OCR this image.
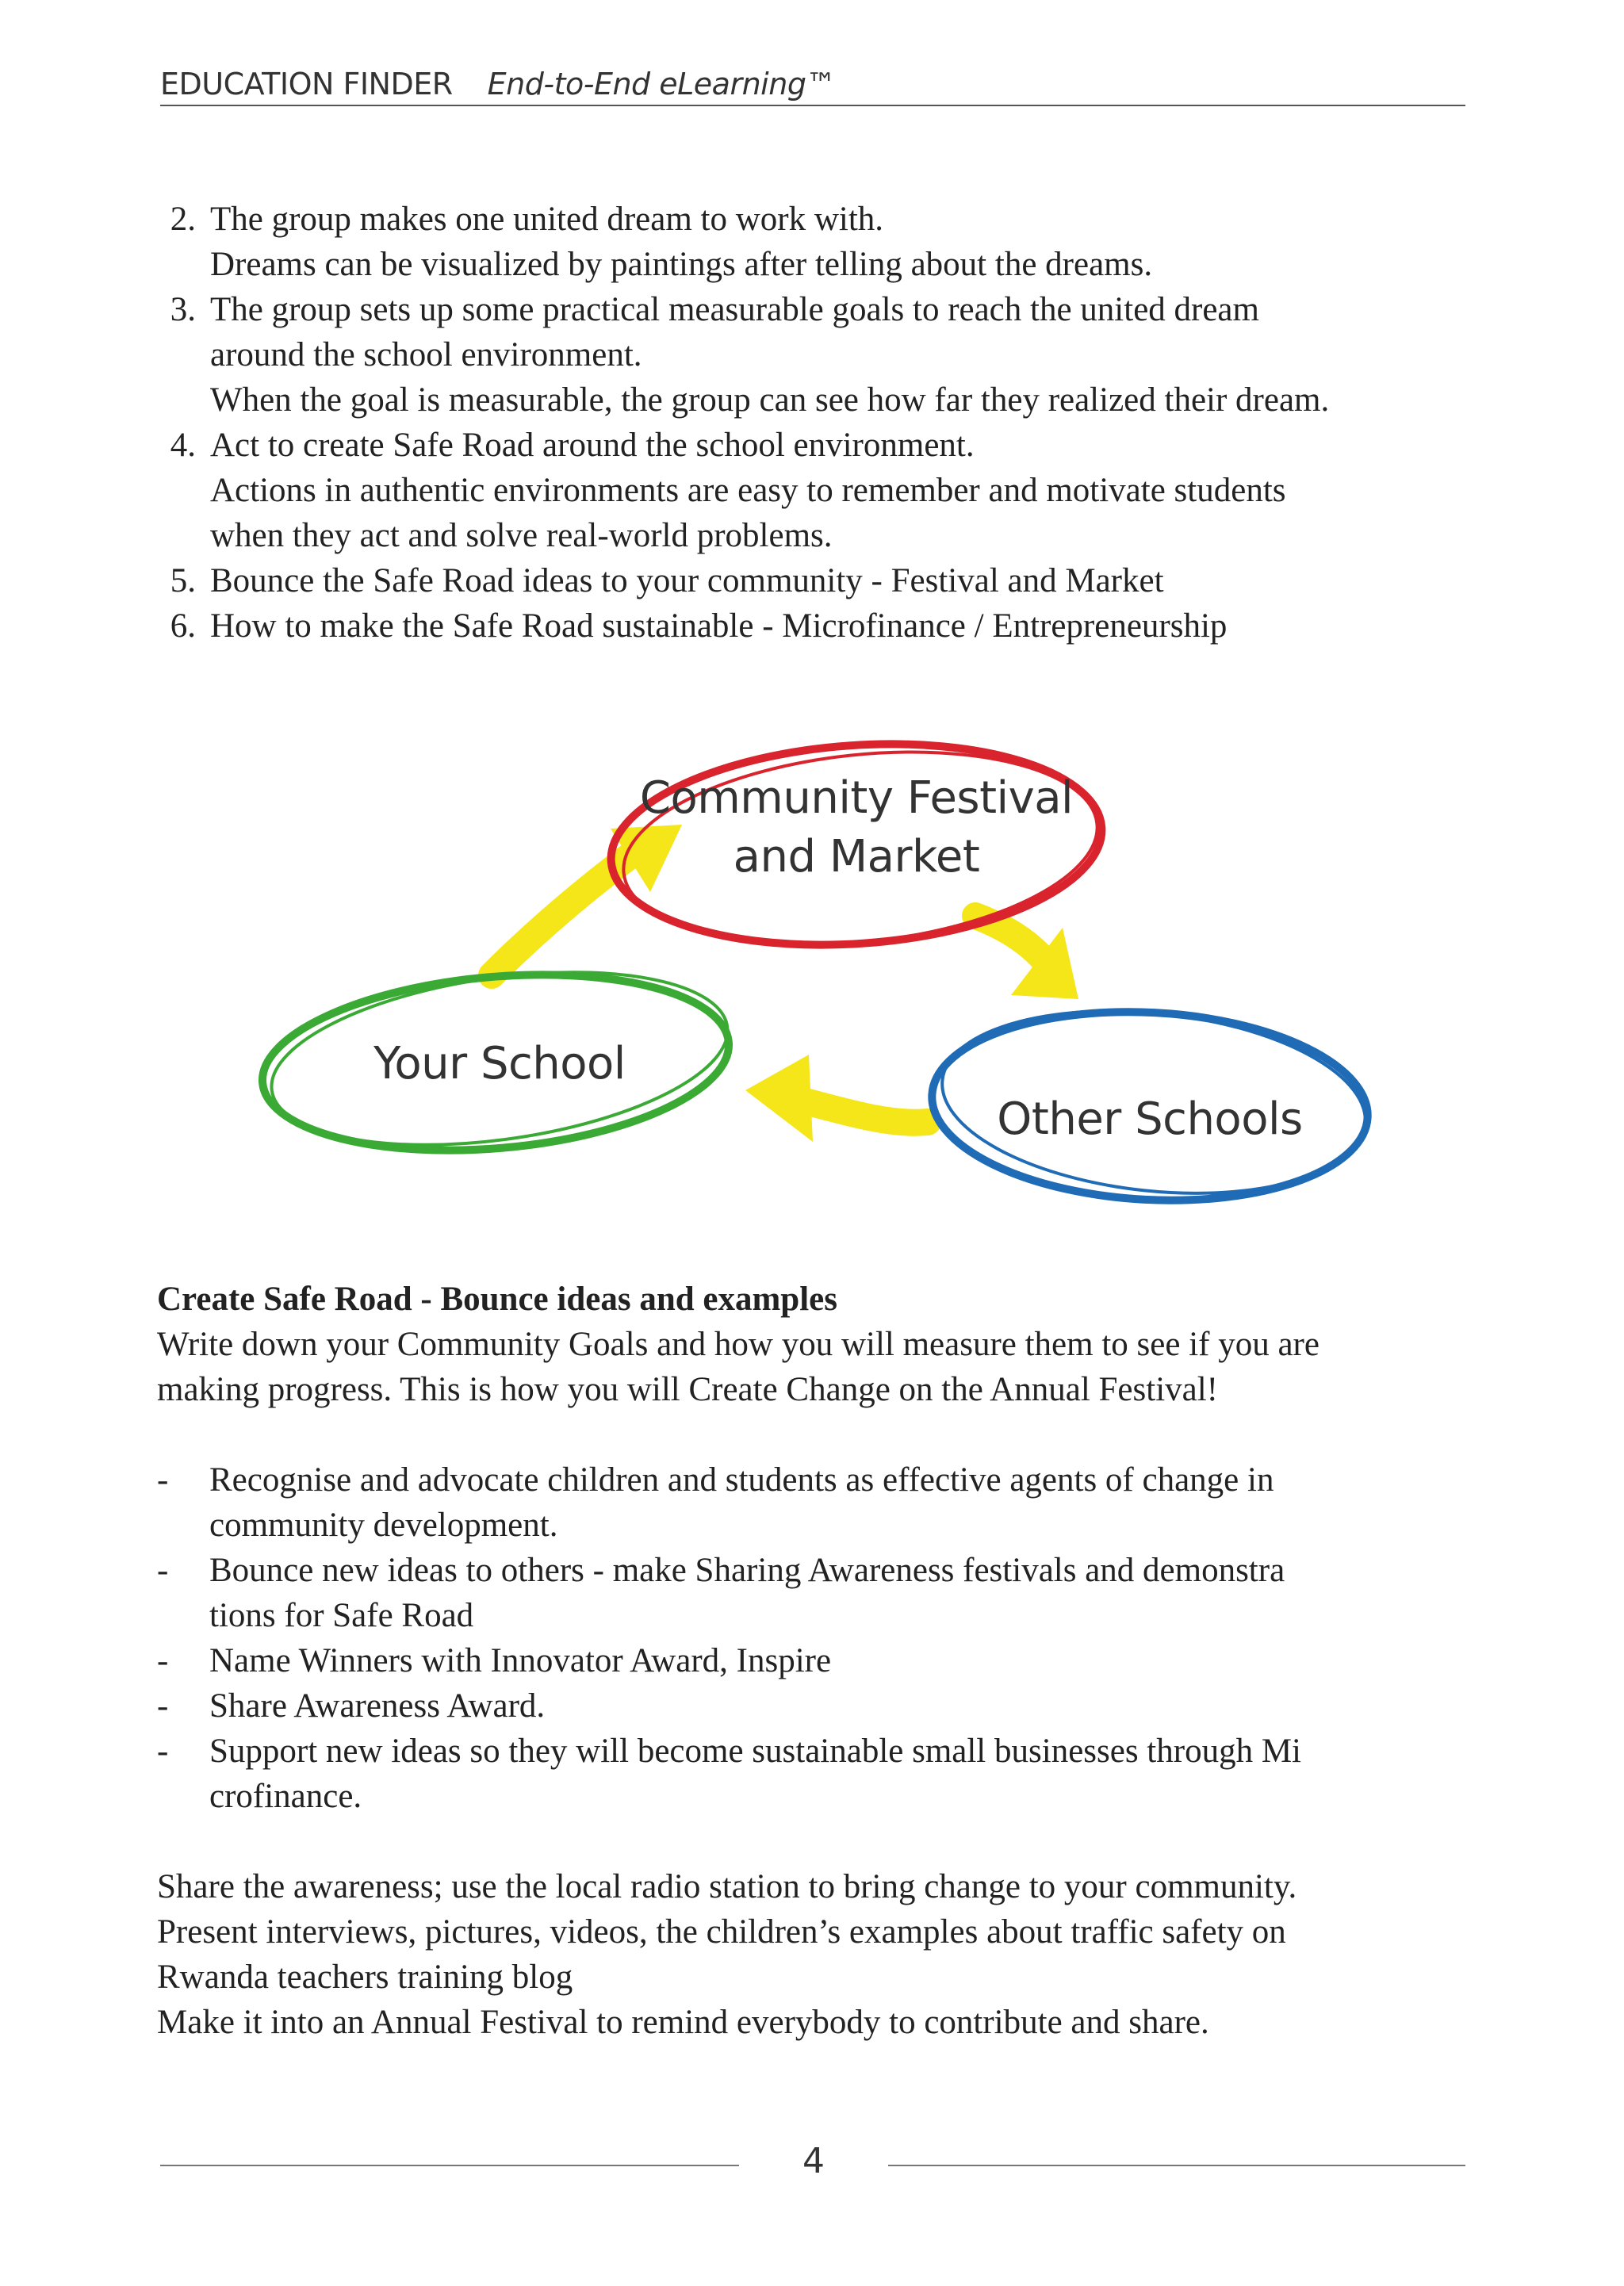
EDUCATION FINDER End-to-End eLearning™
2. The group makes one united dream to work with.
Dreams can be visualized by paintings after telling about the dreams.
3. The group sets up some practical measurable goals to reach the united dream
around the school environment.
When the goal is measurable, the group can see how far they realized their dream.
4. Act to create Safe Road around the school environment.
Actions in authentic environments are easy to remember and motivate students
when they act and solve real-world problems.
5. Bounce the Safe Road ideas to your community - Festival and Market
6. How to make the Safe Road sustainable - Microfinance / Entrepreneurship
Community Festival
and Market
Your School
Other Schools
Create Safe Road - Bounce ideas and examples

Write down your Community Goals and how you will measure them to see if you are
making progress. This is how you will Create Change on the Annual Festival!

-	Recognise and advocate children and students as effective agents of change in
community development.
-	Bounce new ideas to others - make Sharing Awareness festivals and demonstra
tions for Safe Road
-	Name Winners with Innovator Award, Inspire
-	Share Awareness Award.
-	Support new ideas so they will become sustainable small businesses through Mi
crofinance.

Share the awareness; use the local radio station to bring change to your community.
Present interviews, pictures, videos, the children’s examples about traffic safety on
Rwanda teachers training blog
Make it into an Annual Festival to remind everybody to contribute and share.

4
